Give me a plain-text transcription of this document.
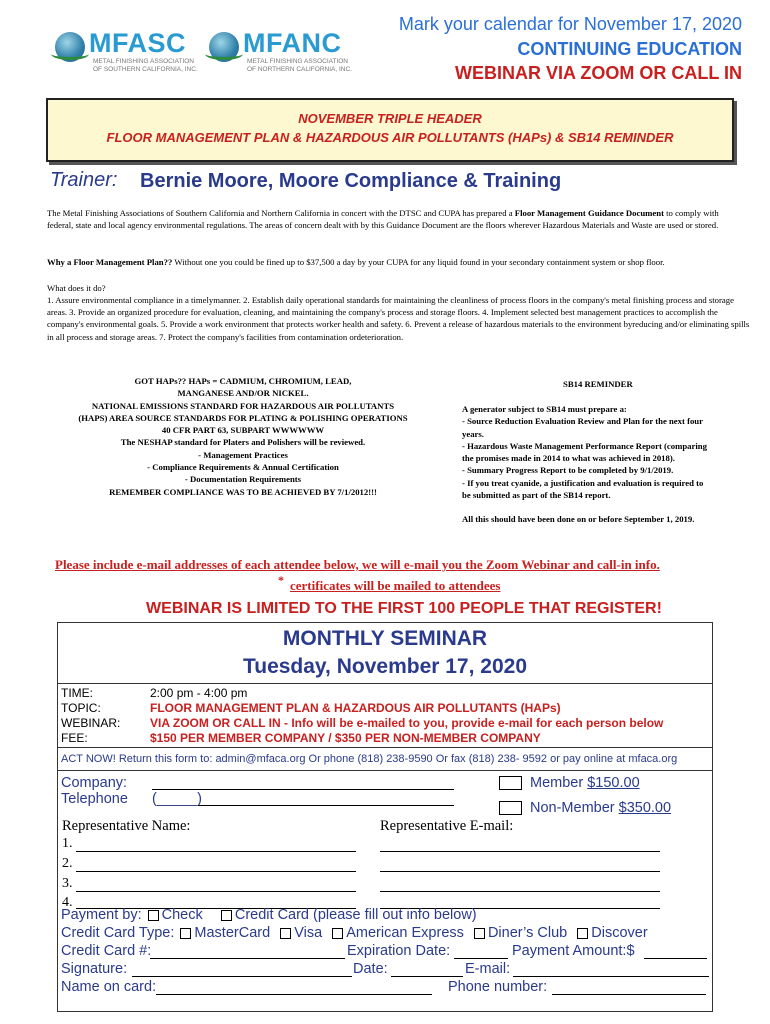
MFASC
METAL FINISHING ASSOCIATION
OF SOUTHERN CALIFORNIA, INC.
MFANC
METAL FINISHING ASSOCIATION
OF NORTHERN CALIFORNIA, INC.
Mark your calendar for November 17, 2020
CONTINUING EDUCATION
WEBINAR VIA ZOOM OR CALL IN
NOVEMBER TRIPLE HEADER
FLOOR MANAGEMENT PLAN & HAZARDOUS AIR POLLUTANTS (HAPs) & SB14 REMINDER
Trainer: Bernie Moore, Moore Compliance & Training
The Metal Finishing Associations of Southern California and Northern California in concert with the DTSC and CUPA has prepared a Floor Management Guidance Document to comply with federal, state and local agency environmental regulations. The areas of concern dealt with by this Guidance Document are the floors wherever Hazardous Materials and Waste are used or stored.
Why a Floor Management Plan?? Without one you could be fined up to $37,500 a day by your CUPA for any liquid found in your secondary containment system or shop floor.
What does it do?
1. Assure environmental compliance in a timelymanner. 2. Establish daily operational standards for maintaining the cleanliness of process floors in the company's metal finishing process and storage areas. 3. Provide an organized procedure for evaluation, cleaning, and maintaining the company's process and storage floors. 4. Implement selected best management practices to accomplish the company's environmental goals. 5. Provide a work environment that protects worker health and safety. 6. Prevent a release of hazardous materials to the environment byreducing and/or eliminating spills in all process and storage areas. 7. Protect the company's facilities from contamination ordeterioration.
GOT HAPs?? HAPs = CADMIUM, CHROMIUM, LEAD,
MANGANESE AND/OR NICKEL.
NATIONAL EMISSIONS STANDARD FOR HAZARDOUS AIR POLLUTANTS
(HAPS) AREA SOURCE STANDARDS FOR PLATING & POLISHING OPERATIONS
40 CFR PART 63, SUBPART WWWWWW
The NESHAP standard for Platers and Polishers will be reviewed.
- Management Practices
- Compliance Requirements & Annual Certification
- Documentation Requirements
REMEMBER COMPLIANCE WAS TO BE ACHIEVED BY 7/1/2012!!!
SB14 REMINDER
A generator subject to SB14 must prepare a:
- Source Reduction Evaluation Review and Plan for the next four
years.
- Hazardous Waste Management Performance Report (comparing
the promises made in 2014 to what was achieved in 2018).
- Summary Progress Report to be completed by 9/1/2019.
- If you treat cyanide, a justification and evaluation is required to
be submitted as part of the SB14 report.
All this should have been done on or before September 1, 2019.
Please include e-mail addresses of each attendee below, we will e-mail you the Zoom Webinar and call-in info.
* certificates will be mailed to attendees
WEBINAR IS LIMITED TO THE FIRST 100 PEOPLE THAT REGISTER!
MONTHLY SEMINAR
Tuesday, November 17, 2020
TIME:	2:00 pm - 4:00 pm
TOPIC:	FLOOR MANAGEMENT PLAN & HAZARDOUS AIR POLLUTANTS (HAPs)
WEBINAR: VIA ZOOM OR CALL IN - Info will be e-mailed to you, provide e-mail for each person below
FEE:	$150 PER MEMBER COMPANY / $350 PER NON-MEMBER COMPANY
ACT NOW! Return this form to: admin@mfaca.org Or phone (818) 238-9590 Or fax (818) 238- 9592 or pay online at mfaca.org
Company:
Telephone (_____)
Member $150.00
Non-Member $350.00
Representative Name:	Representative E-mail:
1.
2.
3.
4.
Payment by: Check Credit Card (please fill out info below)
Credit Card Type: MasterCard Visa American Express Diner’s Club Discover
Credit Card #:	Expiration Date:	Payment Amount:$
Signature:	Date:	E-mail:
Name on card:	Phone number:
